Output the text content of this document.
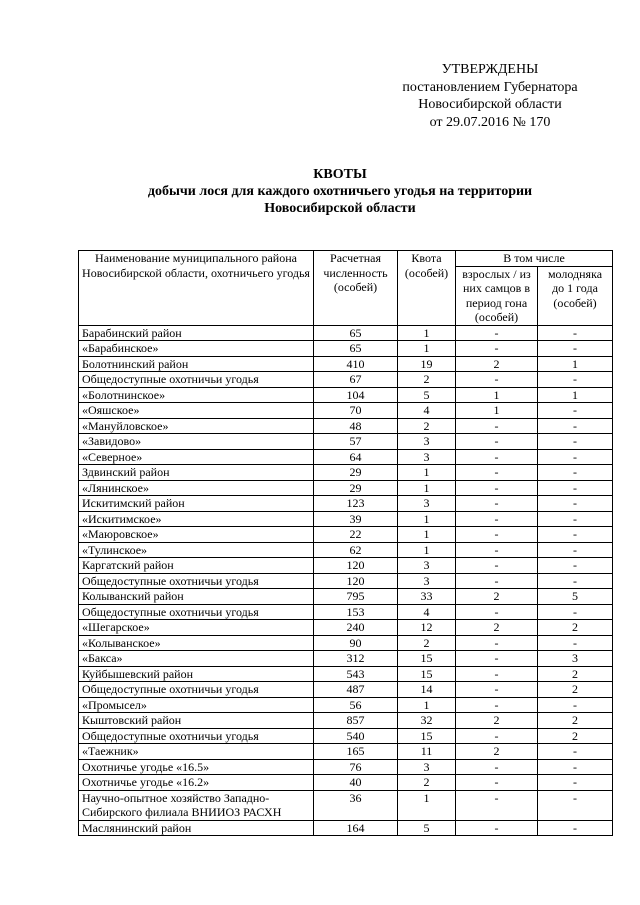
УТВЕРЖДЕНЫ
постановлением Губернатора
Новосибирской области
от 29.07.2016 № 170
КВОТЫ
добычи лося для каждого охотничьего угодья на территории
Новосибирской области
Наименование муниципального района Новосибирской области, охотничьего угодья	Расчетная численность (особей)	Квота (особей)	В том числе	
			взрослых / из них самцов в период гона (особей)	молодняка до 1 года (особей)
Барабинский район	65	1	-	-
«Барабинское»	65	1	-	-
Болотнинский район	410	19	2	1
Общедоступные охотничьи угодья	67	2	-	-
«Болотнинское»	104	5	1	1
«Ояшское»	70	4	1	-
«Мануйловское»	48	2	-	-
«Завидово»	57	3	-	-
«Северное»	64	3	-	-
Здвинский район	29	1	-	-
«Лянинское»	29	1	-	-
Искитимский район	123	3	-	-
«Искитимское»	39	1	-	-
«Маюровское»	22	1	-	-
«Тулинское»	62	1	-	-
Каргатский район	120	3	-	-
Общедоступные охотничьи угодья	120	3	-	-
Колыванский район	795	33	2	5
Общедоступные охотничьи угодья	153	4	-	-
«Шегарское»	240	12	2	2
«Колыванское»	90	2	-	-
«Бакса»	312	15	-	3
Куйбышевский район	543	15	-	2
Общедоступные охотничьи угодья	487	14	-	2
«Промысел»	56	1	-	-
Кыштовский район	857	32	2	2
Общедоступные охотничьи угодья	540	15	-	2
«Таежник»	165	11	2	-
Охотничье угодье «16.5»	76	3	-	-
Охотничье угодье «16.2»	40	2	-	-
Научно-опытное хозяйство Западно-Сибирского филиала ВНИИОЗ РАСХН	36	1	-	-
Маслянинский район	164	5	-	-
